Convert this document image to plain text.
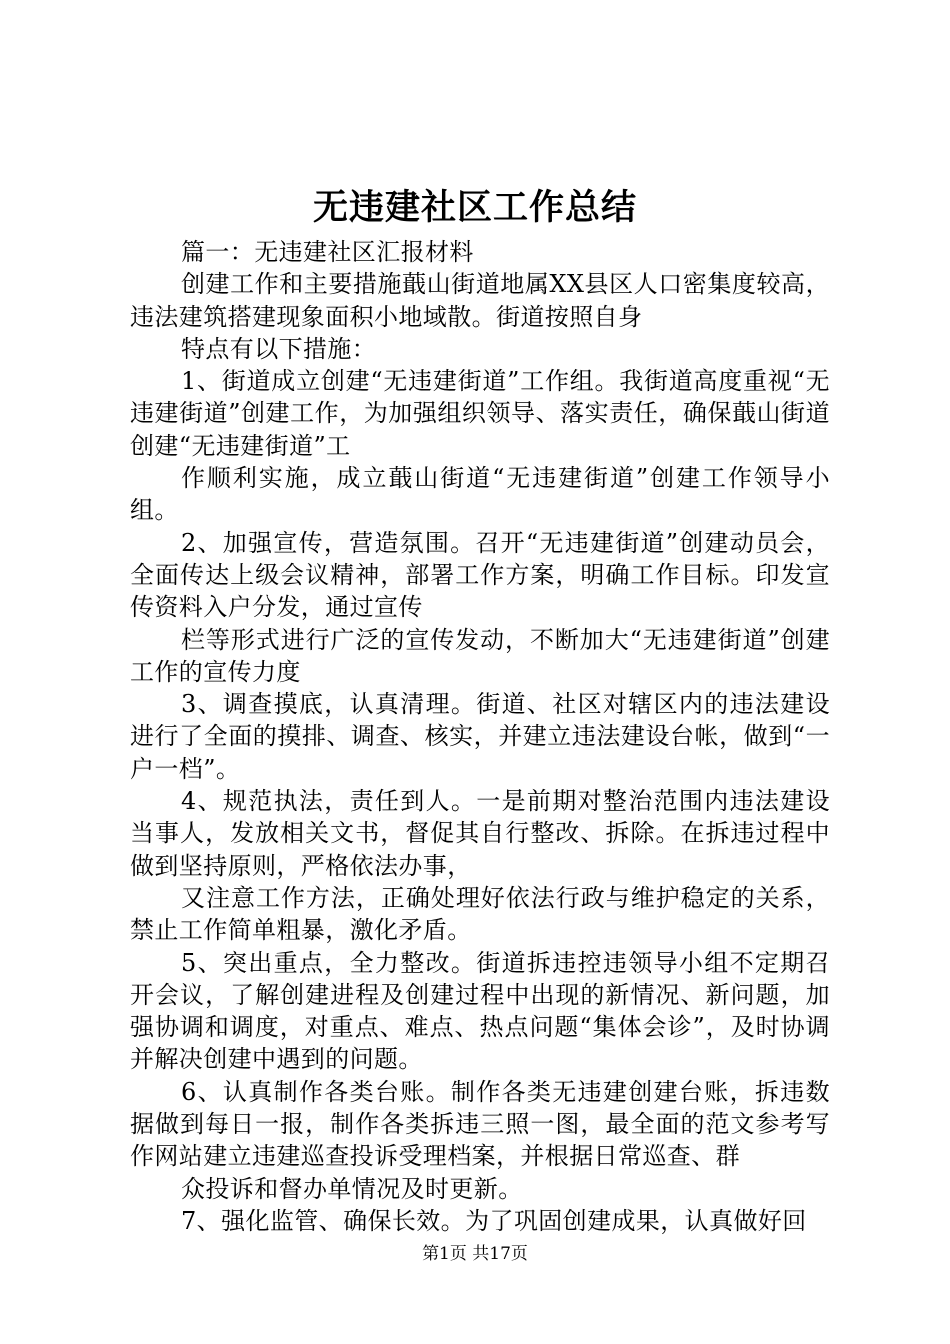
无违建社区工作总结

篇一：无违建社区汇报材料

创建工作和主要措施蕺山街道地属XX县区人口密集度较高，违法建筑搭建现象面积小地域散。街道按照自身

特点有以下措施：

1、街道成立创建“无违建街道”工作组。我街道高度重视“无违建街道”创建工作，为加强组织领导、落实责任，确保蕺山街道创建“无违建街道”工

作顺利实施，成立蕺山街道“无违建街道”创建工作领导小组。

2、加强宣传，营造氛围。召开“无违建街道”创建动员会，全面传达上级会议精神，部署工作方案，明确工作目标。印发宣传资料入户分发，通过宣传

栏等形式进行广泛的宣传发动，不断加大“无违建街道”创建工作的宣传力度

3、调查摸底，认真清理。街道、社区对辖区内的违法建设进行了全面的摸排、调查、核实，并建立违法建设台帐，做到“一户一档”。

4、规范执法，责任到人。一是前期对整治范围内违法建设当事人，发放相关文书，督促其自行整改、拆除。在拆违过程中做到坚持原则，严格依法办事，

又注意工作方法，正确处理好依法行政与维护稳定的关系，禁止工作简单粗暴，激化矛盾。

5、突出重点，全力整改。街道拆违控违领导小组不定期召开会议，了解创建进程及创建过程中出现的新情况、新问题，加强协调和调度，对重点、难点、热点问题“集体会诊”，及时协调并解决创建中遇到的问题。

6、认真制作各类台账。制作各类无违建创建台账，拆违数据做到每日一报，制作各类拆违三照一图，最全面的范文参考写作网站建立违建巡查投诉受理档案，并根据日常巡查、群

众投诉和督办单情况及时更新。

7、强化监管、确保长效。为了巩固创建成果，认真做好回

第1页 共17页
